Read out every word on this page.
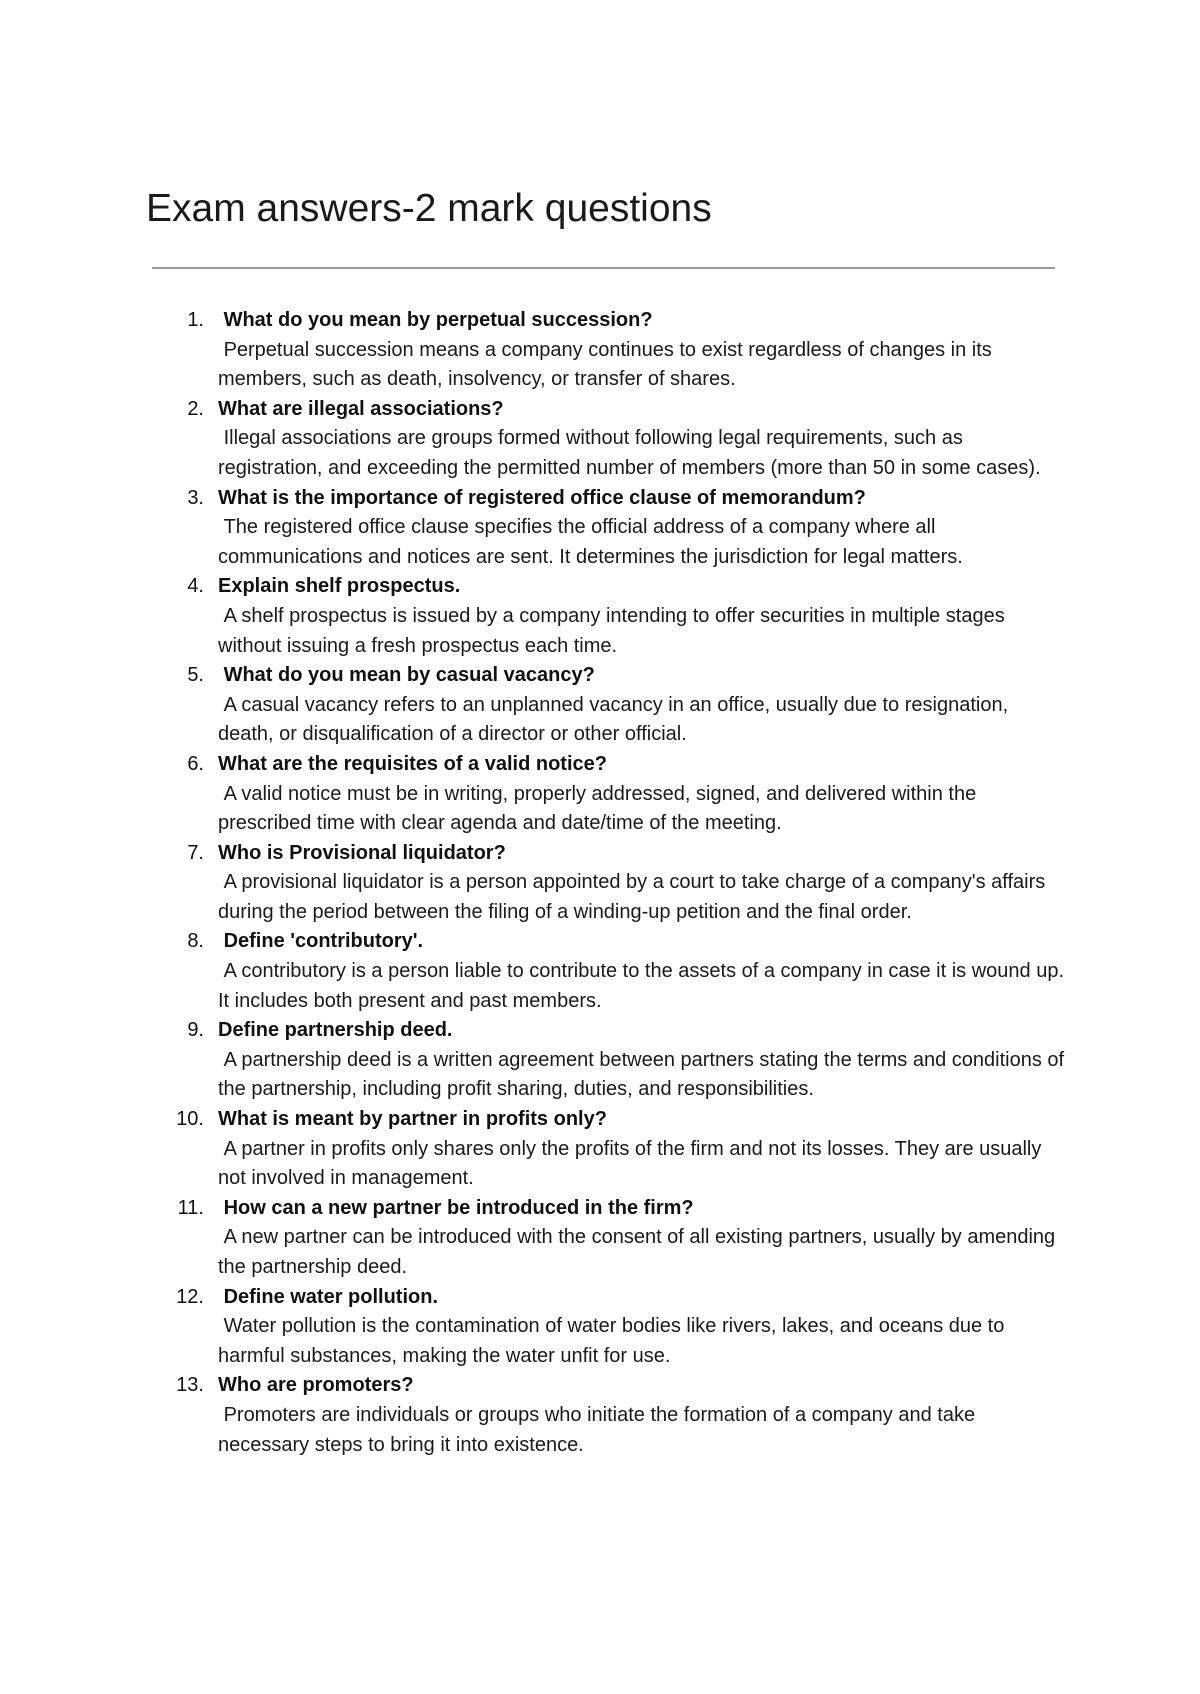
Exam answers-2 mark questions
1. What do you mean by perpetual succession?
Perpetual succession means a company continues to exist regardless of changes in its members, such as death, insolvency, or transfer of shares.
2. What are illegal associations?
Illegal associations are groups formed without following legal requirements, such as registration, and exceeding the permitted number of members (more than 50 in some cases).
3. What is the importance of registered office clause of memorandum?
The registered office clause specifies the official address of a company where all communications and notices are sent. It determines the jurisdiction for legal matters.
4. Explain shelf prospectus.
A shelf prospectus is issued by a company intending to offer securities in multiple stages without issuing a fresh prospectus each time.
5. What do you mean by casual vacancy?
A casual vacancy refers to an unplanned vacancy in an office, usually due to resignation, death, or disqualification of a director or other official.
6. What are the requisites of a valid notice?
A valid notice must be in writing, properly addressed, signed, and delivered within the prescribed time with clear agenda and date/time of the meeting.
7. Who is Provisional liquidator?
A provisional liquidator is a person appointed by a court to take charge of a company's affairs during the period between the filing of a winding-up petition and the final order.
8. Define 'contributory'.
A contributory is a person liable to contribute to the assets of a company in case it is wound up. It includes both present and past members.
9. Define partnership deed.
A partnership deed is a written agreement between partners stating the terms and conditions of the partnership, including profit sharing, duties, and responsibilities.
10. What is meant by partner in profits only?
A partner in profits only shares only the profits of the firm and not its losses. They are usually not involved in management.
11. How can a new partner be introduced in the firm?
A new partner can be introduced with the consent of all existing partners, usually by amending the partnership deed.
12. Define water pollution.
Water pollution is the contamination of water bodies like rivers, lakes, and oceans due to harmful substances, making the water unfit for use.
13. Who are promoters?
Promoters are individuals or groups who initiate the formation of a company and take necessary steps to bring it into existence.
